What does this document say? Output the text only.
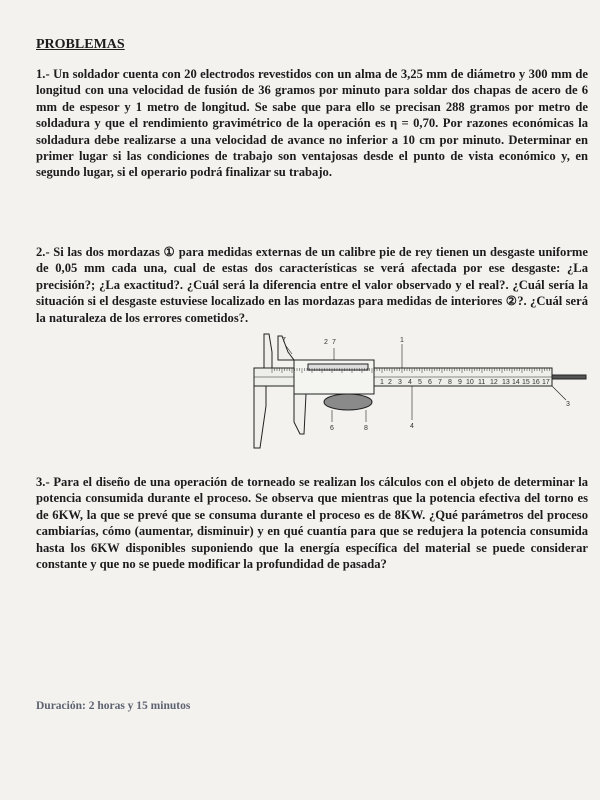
PROBLEMAS
1.- Un soldador cuenta con 20 electrodos revestidos con un alma de 3,25 mm de diámetro y 300 mm de longitud con una velocidad de fusión de 36 gramos por minuto para soldar dos chapas de acero de 6 mm de espesor y 1 metro de longitud. Se sabe que para ello se precisan 288 gramos por metro de soldadura y que el rendimiento gravimétrico de la operación es η = 0,70. Por razones económicas la soldadura debe realizarse a una velocidad de avance no inferior a 10 cm por minuto. Determinar en primer lugar si las condiciones de trabajo son ventajosas desde el punto de vista económico y, en segundo lugar, si el operario podrá finalizar su trabajo.
2.- Si las dos mordazas ① para medidas externas de un calibre pie de rey tienen un desgaste uniforme de 0,05 mm cada una, cual de estas dos características se verá afectada por ese desgaste: ¿La precisión?; ¿La exactitud?. ¿Cuál será la diferencia entre el valor observado y el real?. ¿Cuál sería la situación si el desgaste estuviese localizado en las mordazas para medidas de interiores ②?. ¿Cuál será la naturaleza de los errores cometidos?.
1 2 3 4 5 6 7 8 9 10 11 12 13 14 15 16 17
7	7	1
2
6	8	4
3
3.- Para el diseño de una operación de torneado se realizan los cálculos con el objeto de determinar la potencia consumida durante el proceso. Se observa que mientras que la potencia efectiva del torno es de 6KW, la que se prevé que se consuma durante el proceso es de 8KW. ¿Qué parámetros del proceso cambiarías, cómo (aumentar, disminuir) y en qué cuantía para que se redujera la potencia consumida hasta los 6KW disponibles suponiendo que la energía específica del material se puede considerar constante y que no se puede modificar la profundidad de pasada?
Duración: 2 horas y 15 minutos
